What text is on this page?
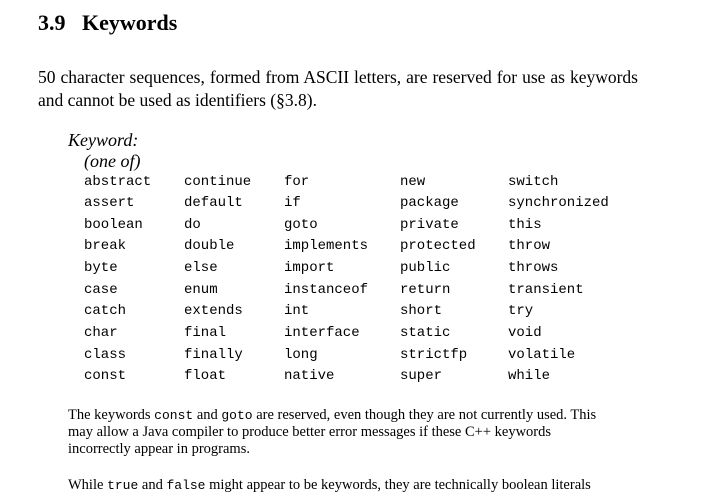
3.9 Keywords
50 character sequences, formed from ASCII letters, are reserved for use as keywords and cannot be used as identifiers (§3.8).
Keyword:
(one of)
abstract
assert
boolean
break
byte
case
catch
char
class
const
continue
default
do
double
else
enum
extends
final
finally
float
for
if
goto
implements
import
instanceof
int
interface
long
native
new
package
private
protected
public
return
short
static
strictfp
super
switch
synchronized
this
throw
throws
transient
try
void
volatile
while
The keywords const and goto are reserved, even though they are not currently used. This may allow a Java compiler to produce better error messages if these C++ keywords incorrectly appear in programs.
While true and false might appear to be keywords, they are technically boolean literals
